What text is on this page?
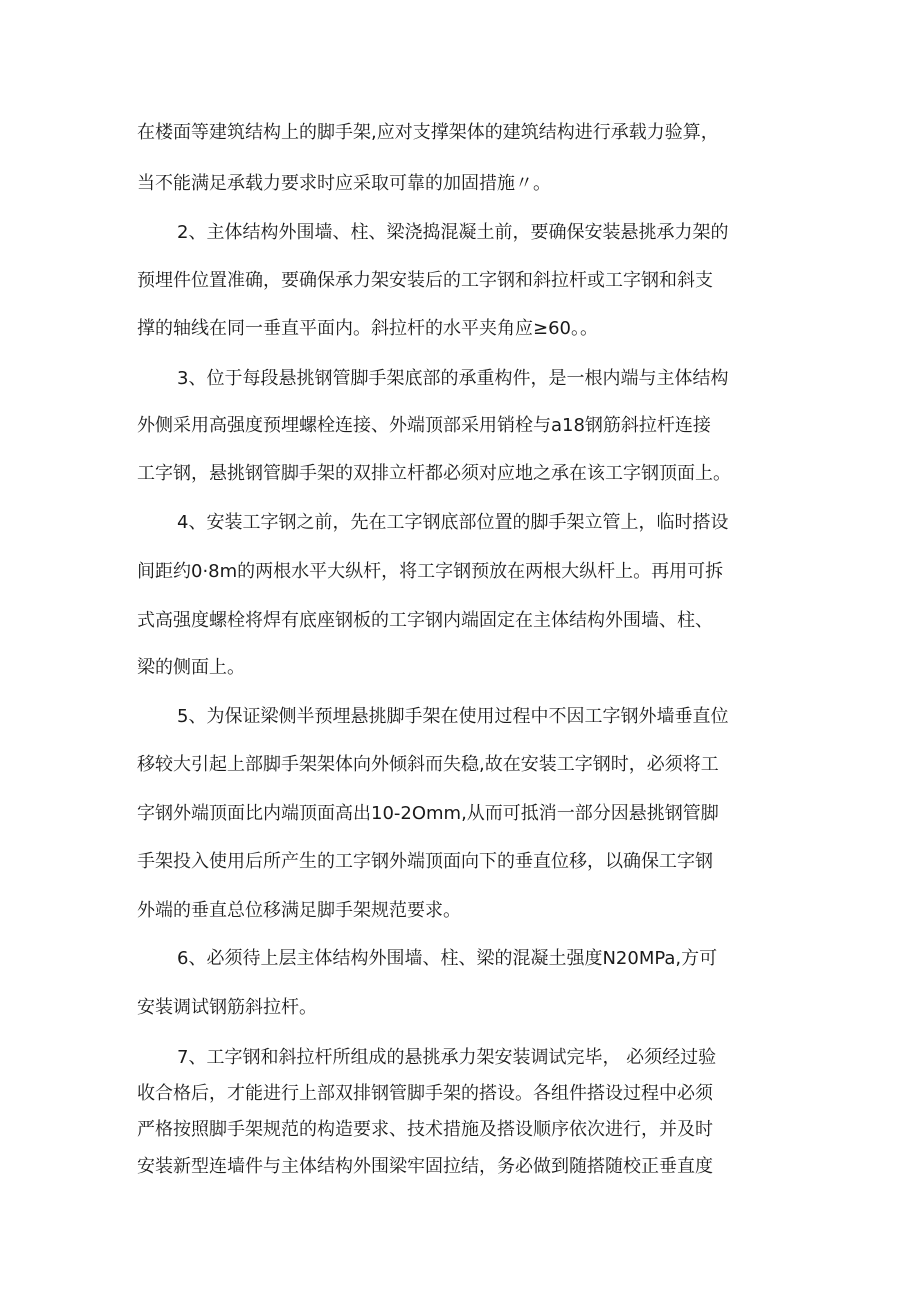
在楼面等建筑结构上的脚手架,应对支撑架体的建筑结构进行承载力验算，
当不能满足承载力要求时应采取可靠的加固措施〃。
2、主体结构外围墙、柱、梁浇捣混凝土前，要确保安装悬挑承力架的
预埋件位置准确，要确保承力架安装后的工字钢和斜拉杆或工字钢和斜支
撑的轴线在同一垂直平面内。斜拉杆的水平夹角应≥60。。
3、位于每段悬挑钢管脚手架底部的承重构件，是一根内端与主体结构
外侧采用高强度预埋螺栓连接、外端顶部采用销栓与a18钢筋斜拉杆连接
工字钢，悬挑钢管脚手架的双排立杆都必须对应地之承在该工字钢顶面上。
4、安装工字钢之前，先在工字钢底部位置的脚手架立管上，临时搭设
间距约0·8m的两根水平大纵杆，将工字钢预放在两根大纵杆上。再用可拆
式高强度螺栓将焊有底座钢板的工字钢内端固定在主体结构外围墙、柱、
梁的侧面上。
5、为保证梁侧半预埋悬挑脚手架在使用过程中不因工字钢外墙垂直位
移较大引起上部脚手架架体向外倾斜而失稳,故在安装工字钢时，必须将工
字钢外端顶面比内端顶面高出10-2Omm,从而可抵消一部分因悬挑钢管脚
手架投入使用后所产生的工字钢外端顶面向下的垂直位移，以确保工字钢
外端的垂直总位移满足脚手架规范要求。
6、必须待上层主体结构外围墙、柱、梁的混凝土强度N20MPa,方可
安装调试钢筋斜拉杆。
7、工字钢和斜拉杆所组成的悬挑承力架安装调试完毕， 必须经过验
收合格后，才能进行上部双排钢管脚手架的搭设。各组件搭设过程中必须
严格按照脚手架规范的构造要求、技术措施及搭设顺序依次进行，并及时
安装新型连墙件与主体结构外围梁牢固拉结，务必做到随搭随校正垂直度
